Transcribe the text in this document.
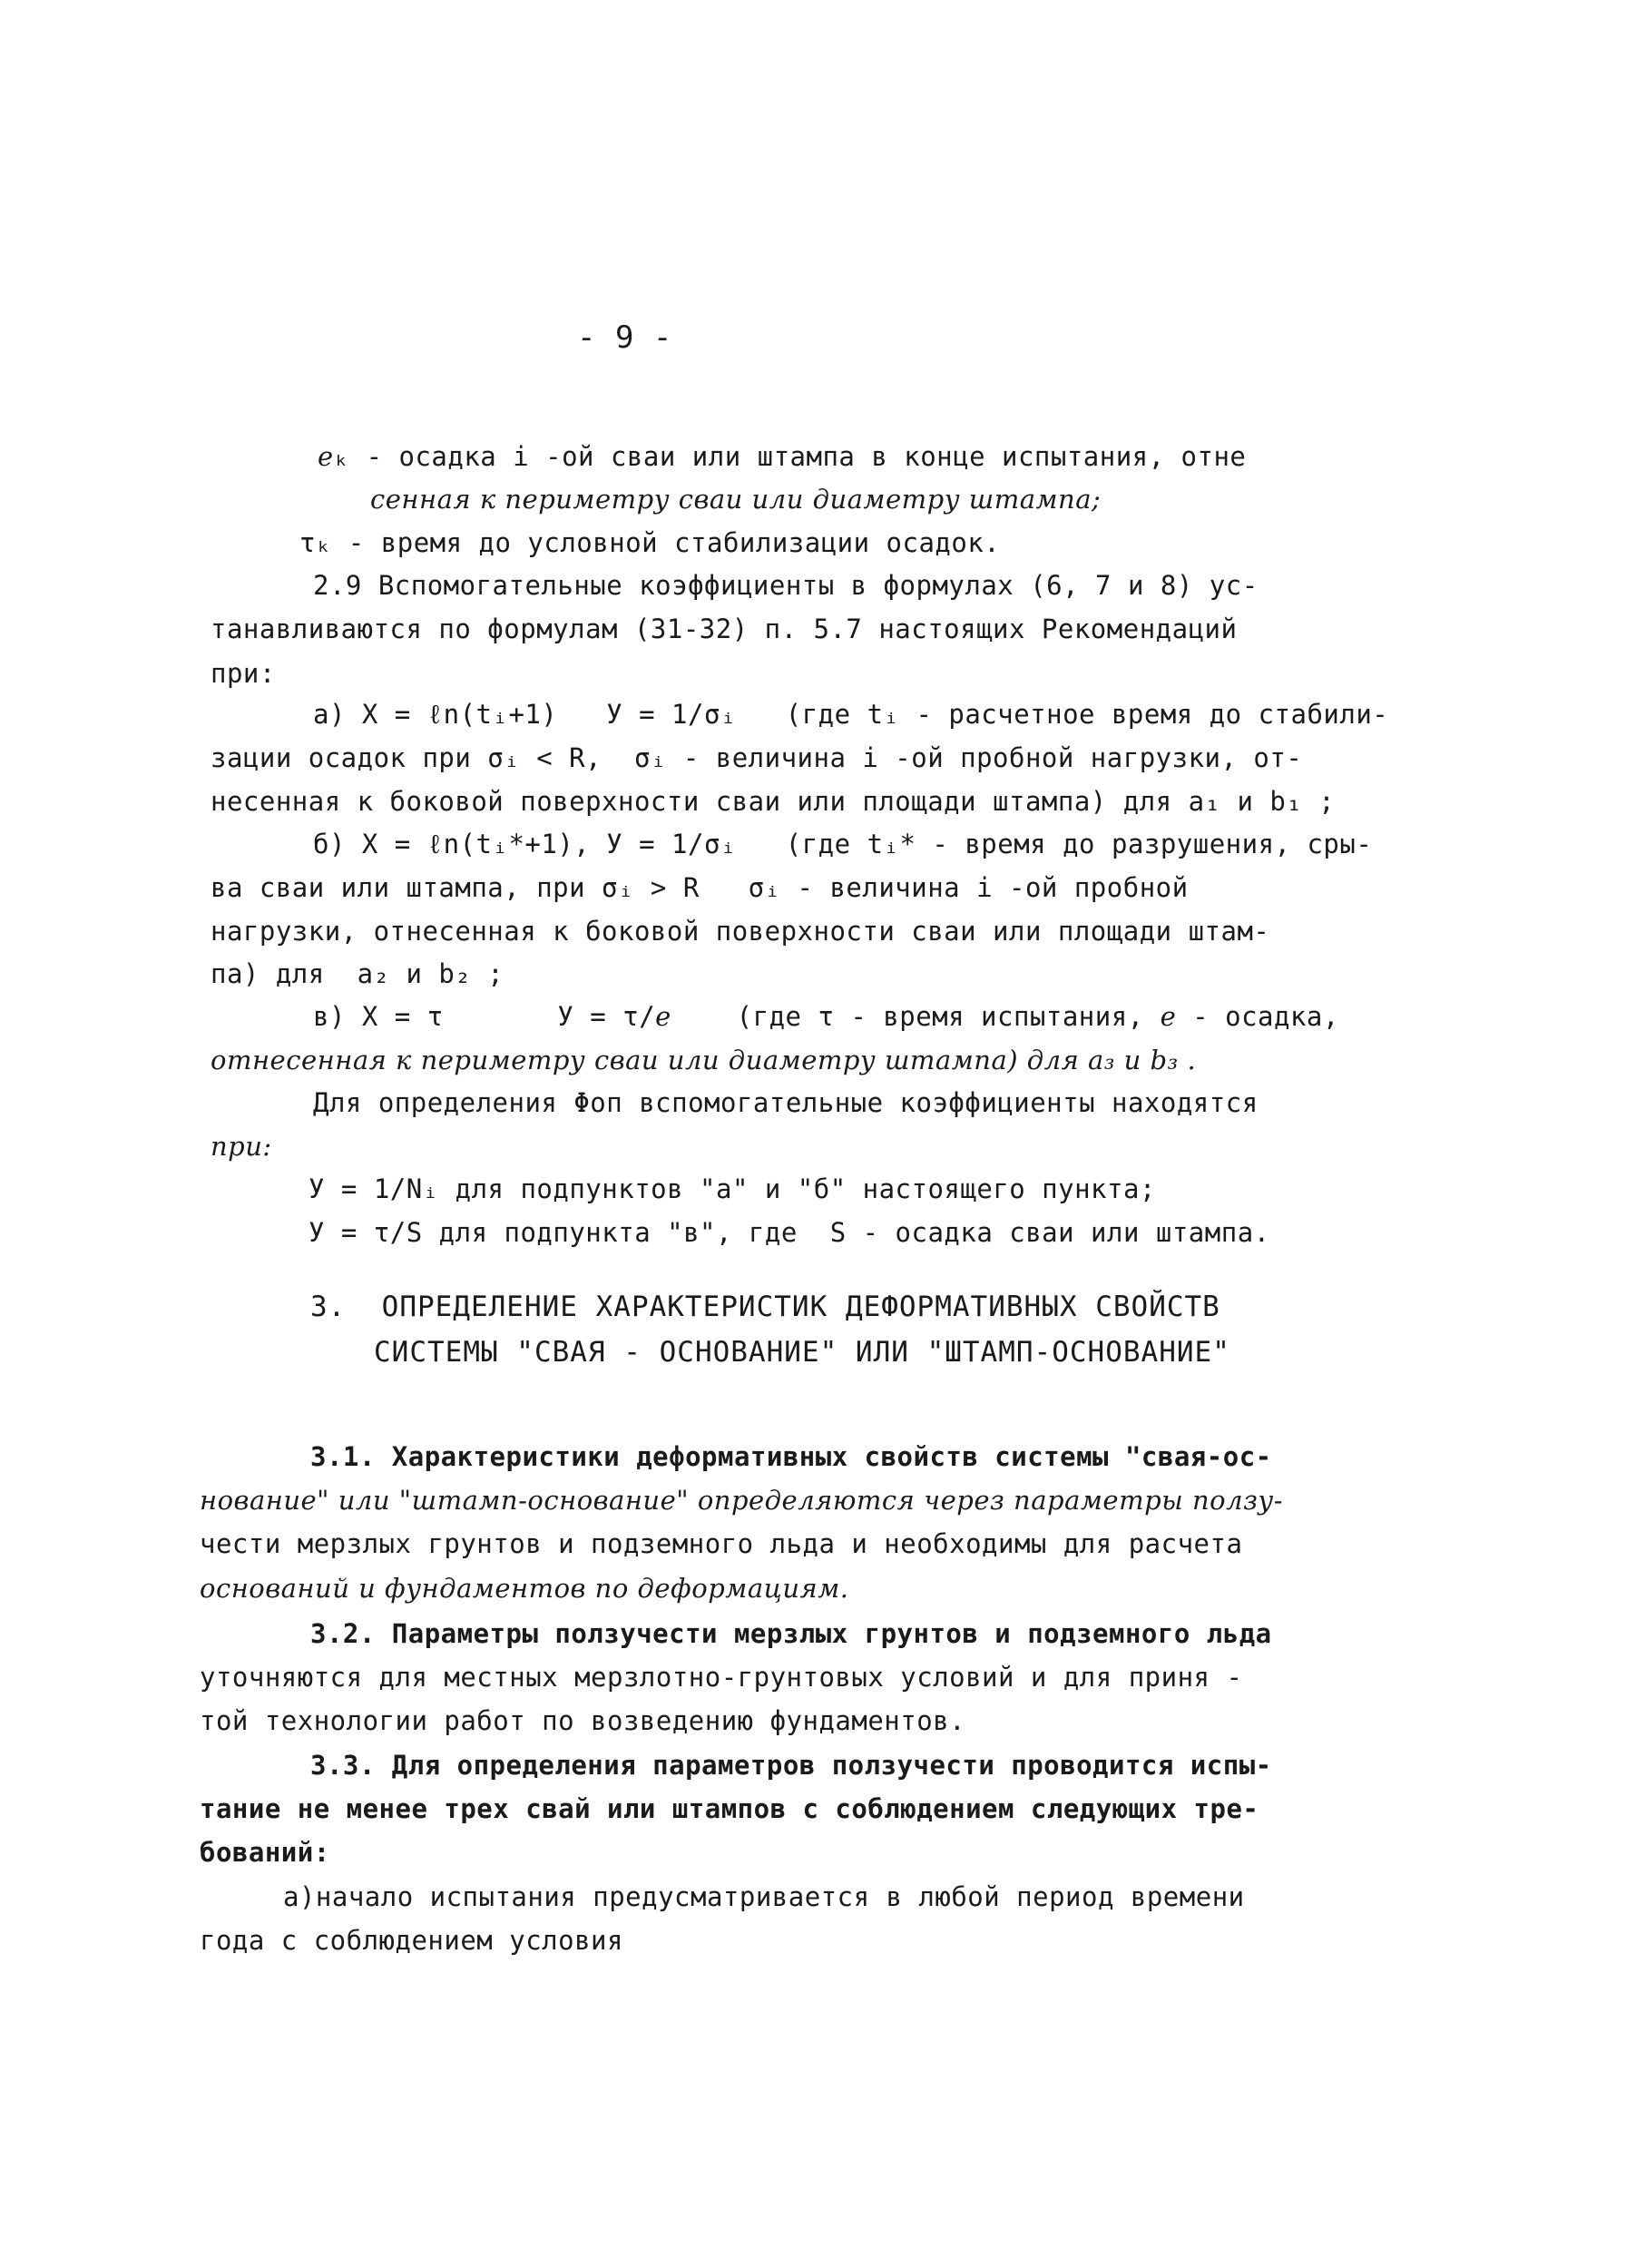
- 9 -
ℯₖ - осадка i -ой сваи или штампа в конце испытания, отне
сенная к периметру сваи или диаметру штампа;
τₖ - время до условной стабилизации осадок.
2.9 Вспомогательные коэффициенты в формулах (6, 7 и 8) ус-
танавливаются по формулам (31-32) п. 5.7 настоящих Рекомендаций
при:
а) X = ℓn(tᵢ+1)   У = 1/σᵢ   (где tᵢ - расчетное время до стабили-
зации осадок при σᵢ < R,  σᵢ - величина i -ой пробной нагрузки, от-
несенная к боковой поверхности сваи или площади штампа) для a₁ и b₁ ;
б) X = ℓn(tᵢ*+1), У = 1/σᵢ   (где tᵢ* - время до разрушения, сры-
ва сваи или штампа, при σᵢ > R   σᵢ - величина i -ой пробной
нагрузки, отнесенная к боковой поверхности сваи или площади штам-
па) для  a₂ и b₂ ;
в) X = τ       У = τ/ℯ    (где τ - время испытания, ℯ - осадка,
отнесенная к периметру сваи или диаметру штампа) для a₃ и b₃ .
Для определения Φоп вспомогательные коэффициенты находятся
при:
У = 1/Nᵢ для подпунктов "а" и "б" настоящего пункта;
У = τ/S для подпункта "в", где  S - осадка сваи или штампа.
3.  ОПРЕДЕЛЕНИЕ ХАРАКТЕРИСТИК ДЕФОРМАТИВНЫХ СВОЙСТВ
СИСТЕМЫ "СВАЯ - ОСНОВАНИЕ" ИЛИ "ШТАМП-ОСНОВАНИЕ"
3.1. Характеристики деформативных свойств системы "свая-ос-
нование" или "штамп-основание" определяются через параметры ползу-
чести мерзлых грунтов и подземного льда и необходимы для расчета
оснований и фундаментов по деформациям.
3.2. Параметры ползучести мерзлых грунтов и подземного льда
уточняются для местных мерзлотно-грунтовых условий и для приня -
той технологии работ по возведению фундаментов.
3.3. Для определения параметров ползучести проводится испы-
тание не менее трех свай или штампов с соблюдением следующих тре-
бований:
а)начало испытания предусматривается в любой период времени
года с соблюдением условия
